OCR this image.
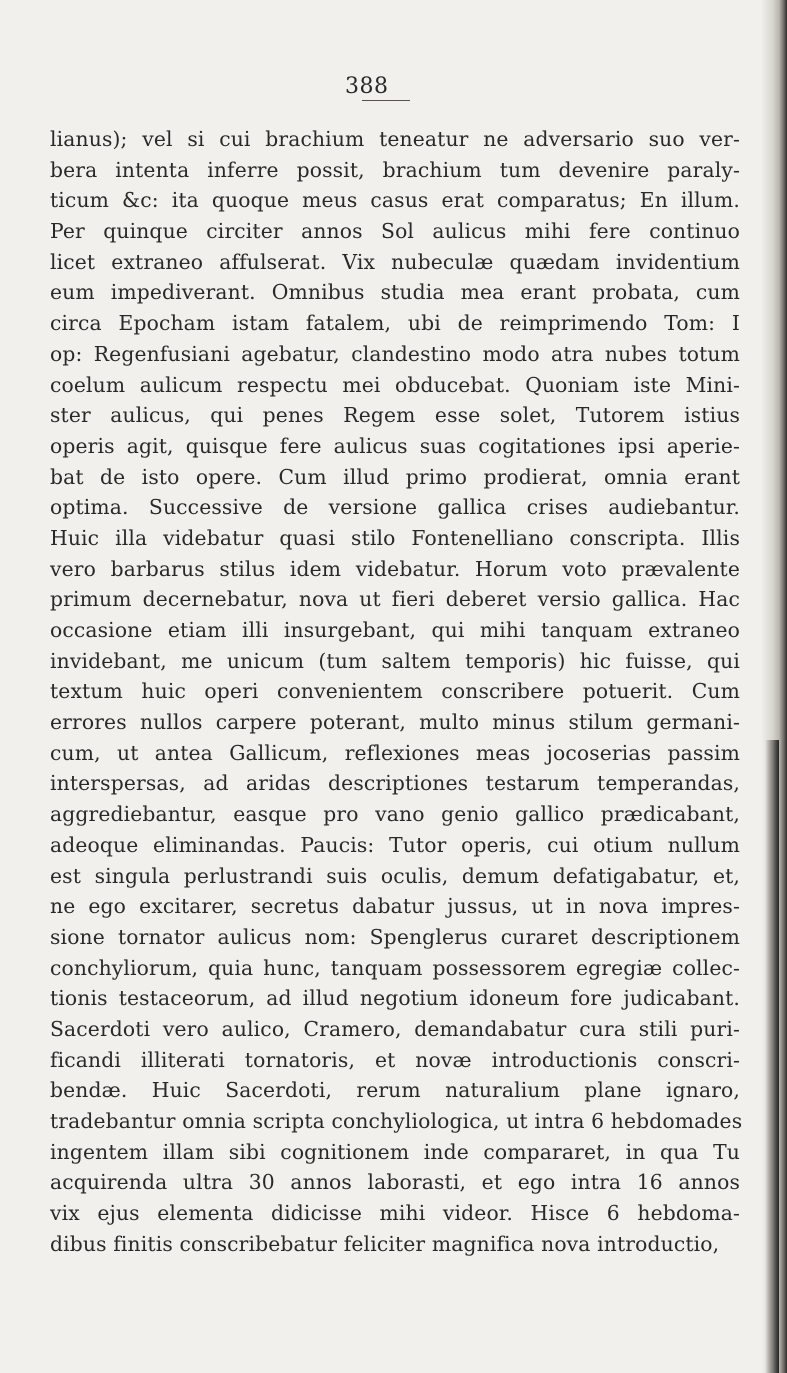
388
lianus); vel si cui brachium teneatur ne adversario suo ver-
bera intenta inferre possit, brachium tum devenire paraly-
ticum &c: ita quoque meus casus erat comparatus; En illum.
Per quinque circiter annos Sol aulicus mihi fere continuo
licet extraneo affulserat. Vix nubeculæ quædam invidentium
eum impediverant. Omnibus studia mea erant probata, cum
circa Epocham istam fatalem, ubi de reimprimendo Tom: I
op: Regenfusiani agebatur, clandestino modo atra nubes totum
coelum aulicum respectu mei obducebat. Quoniam iste Mini-
ster aulicus, qui penes Regem esse solet, Tutorem istius
operis agit, quisque fere aulicus suas cogitationes ipsi aperie-
bat de isto opere. Cum illud primo prodierat, omnia erant
optima. Successive de versione gallica crises audiebantur.
Huic illa videbatur quasi stilo Fontenelliano conscripta. Illis
vero barbarus stilus idem videbatur. Horum voto prævalente
primum decernebatur, nova ut fieri deberet versio gallica. Hac
occasione etiam illi insurgebant, qui mihi tanquam extraneo
invidebant, me unicum (tum saltem temporis) hic fuisse, qui
textum huic operi convenientem conscribere potuerit. Cum
errores nullos carpere poterant, multo minus stilum germani-
cum, ut antea Gallicum, reflexiones meas jocoserias passim
interspersas, ad aridas descriptiones testarum temperandas,
aggrediebantur, easque pro vano genio gallico prædicabant,
adeoque eliminandas. Paucis: Tutor operis, cui otium nullum
est singula perlustrandi suis oculis, demum defatigabatur, et,
ne ego excitarer, secretus dabatur jussus, ut in nova impres-
sione tornator aulicus nom: Spenglerus curaret descriptionem
conchyliorum, quia hunc, tanquam possessorem egregiæ collec-
tionis testaceorum, ad illud negotium idoneum fore judicabant.
Sacerdoti vero aulico, Cramero, demandabatur cura stili puri-
ficandi illiterati tornatoris, et novæ introductionis conscri-
bendæ. Huic Sacerdoti, rerum naturalium plane ignaro,
tradebantur omnia scripta conchyliologica, ut intra 6 hebdomades
ingentem illam sibi cognitionem inde compararet, in qua Tu
acquirenda ultra 30 annos laborasti, et ego intra 16 annos
vix ejus elementa didicisse mihi videor. Hisce 6 hebdoma-
dibus finitis conscribebatur feliciter magnifica nova introductio,
